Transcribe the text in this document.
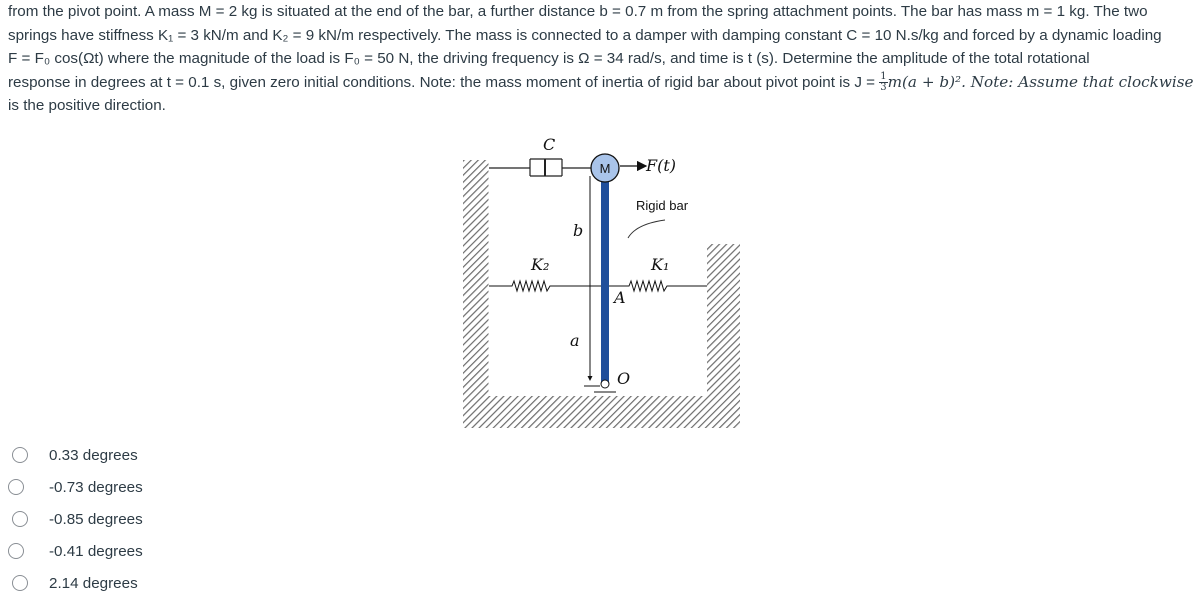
from the pivot point. A mass M = 2 kg is situated at the end of the bar, a further distance b = 0.7 m from the spring attachment points. The bar has mass m = 1 kg. The two

springs have stiffness K₁ = 3 kN/m and K₂ = 9 kN/m respectively. The mass is connected to a damper with damping constant C = 10 N.s/kg and forced by a dynamic loading

F = F₀ cos(Ωt) where the magnitude of the load is F₀ = 50 N, the driving frequency is Ω = 34 rad/s, and time is t (s). Determine the amplitude of the total rotational

response in degrees at t = 0.1 s, given zero initial conditions. Note: the mass moment of inertia of rigid bar about pivot point is $J = \frac{1}{3} m(a + b)^2$. Note: Assume that clockwise

is the positive direction.

C
M F(t)
Rigid bar
b
K₂	K₁
A
a
O
0.33 degrees
-0.73 degrees
-0.85 degrees
-0.41 degrees
2.14 degrees
